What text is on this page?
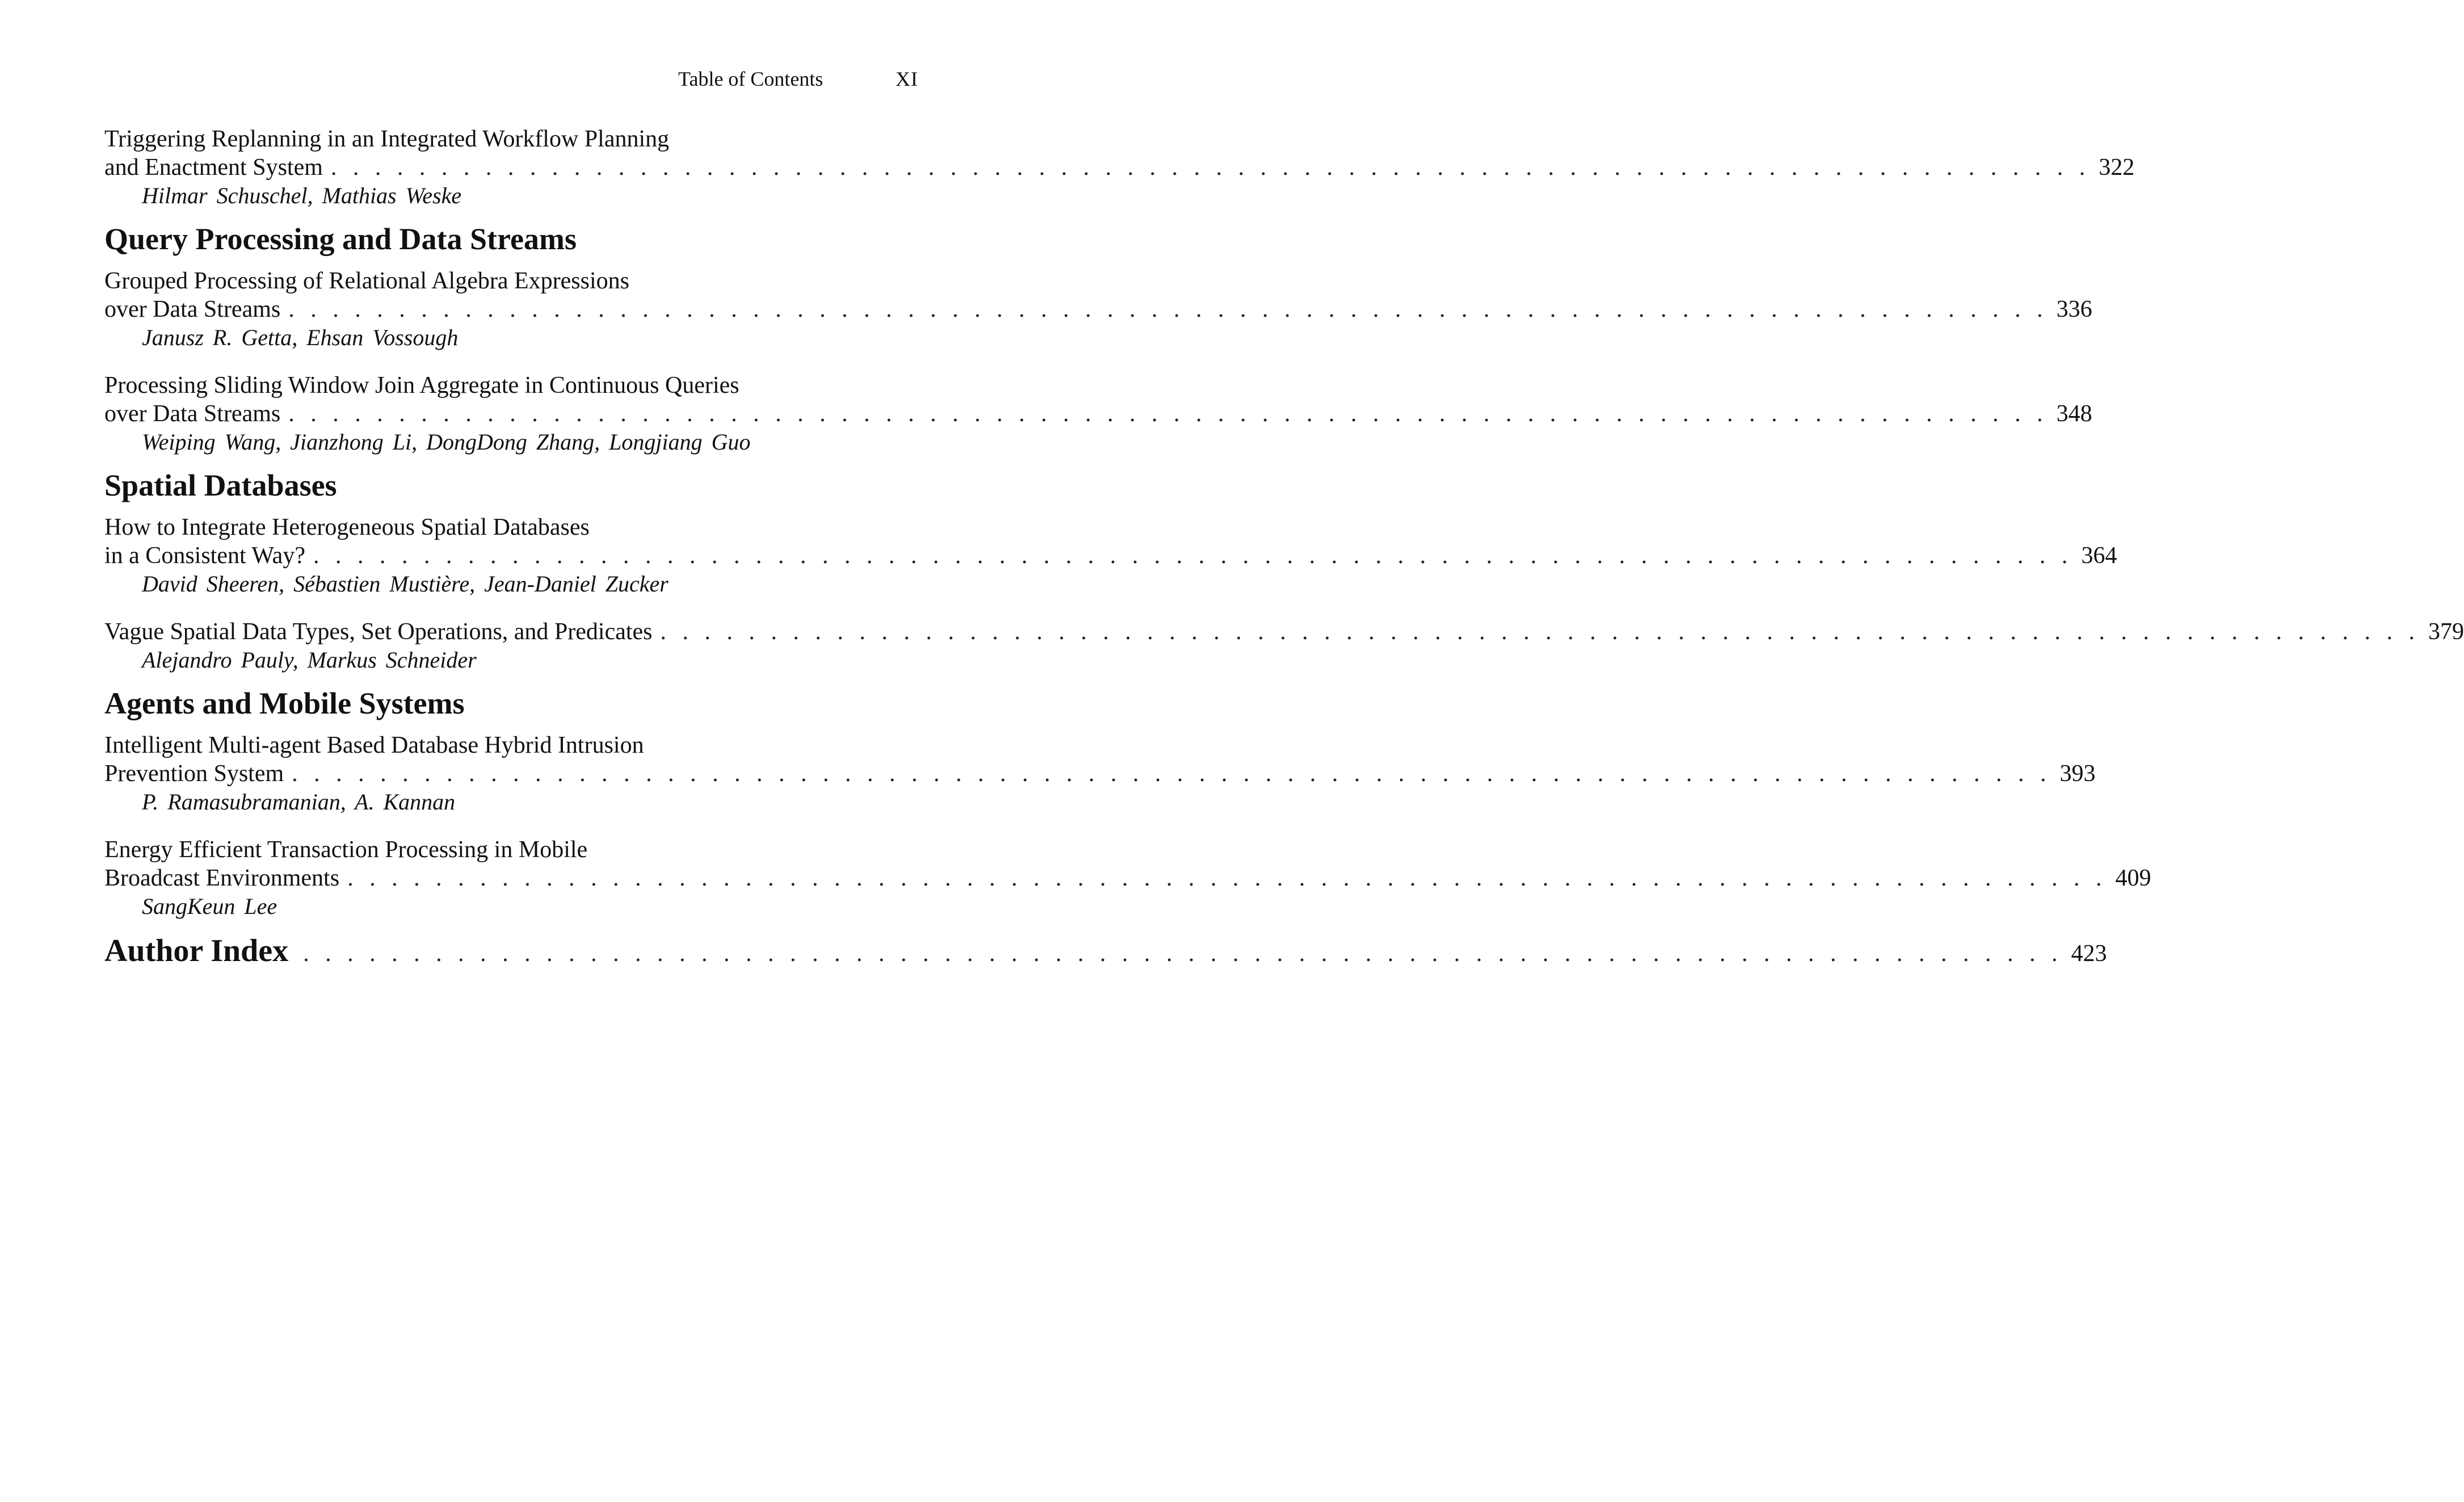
Table of Contents	XI
Triggering Replanning in an Integrated Workflow Planning
and Enactment System . . . . . . . . . . . . . . . . . . . . . . . . . . . . . . . . . . . . . . . . . . . . . . . . . . . . . . . . . . . . . . . . . . . . . . . . . . . . . . . . 322
Hilmar Schuschel, Mathias Weske
Query Processing and Data Streams
Grouped Processing of Relational Algebra Expressions
over Data Streams . . . . . . . . . . . . . . . . . . . . . . . . . . . . . . . . . . . . . . . . . . . . . . . . . . . . . . . . . . . . . . . . . . . . . . . . . . . . . . . . 336
Janusz R. Getta, Ehsan Vossough
Processing Sliding Window Join Aggregate in Continuous Queries
over Data Streams . . . . . . . . . . . . . . . . . . . . . . . . . . . . . . . . . . . . . . . . . . . . . . . . . . . . . . . . . . . . . . . . . . . . . . . . . . . . . . . . 348
Weiping Wang, Jianzhong Li, DongDong Zhang, Longjiang Guo
Spatial Databases
How to Integrate Heterogeneous Spatial Databases
in a Consistent Way? . . . . . . . . . . . . . . . . . . . . . . . . . . . . . . . . . . . . . . . . . . . . . . . . . . . . . . . . . . . . . . . . . . . . . . . . . . . . . . . . 364
David Sheeren, Sébastien Mustière, Jean-Daniel Zucker
Vague Spatial Data Types, Set Operations, and Predicates . . . . . . . . . . . . . . . . . . . . . . . . . . . . . . . . . . . . . . . . . . . . . . . . . . . . . . . . . . . . . . . . . . . . . . . . . . . . . . . . 379
Alejandro Pauly, Markus Schneider
Agents and Mobile Systems
Intelligent Multi-agent Based Database Hybrid Intrusion
Prevention System . . . . . . . . . . . . . . . . . . . . . . . . . . . . . . . . . . . . . . . . . . . . . . . . . . . . . . . . . . . . . . . . . . . . . . . . . . . . . . . . 393
P. Ramasubramanian, A. Kannan
Energy Efficient Transaction Processing in Mobile
Broadcast Environments . . . . . . . . . . . . . . . . . . . . . . . . . . . . . . . . . . . . . . . . . . . . . . . . . . . . . . . . . . . . . . . . . . . . . . . . . . . . . . . . 409
SangKeun Lee
Author Index . . . . . . . . . . . . . . . . . . . . . . . . . . . . . . . . . . . . . . . . . . . . . . . . . . . . . . . . . . . . . . . . . . . . . . . . . . . . . . . . 423
